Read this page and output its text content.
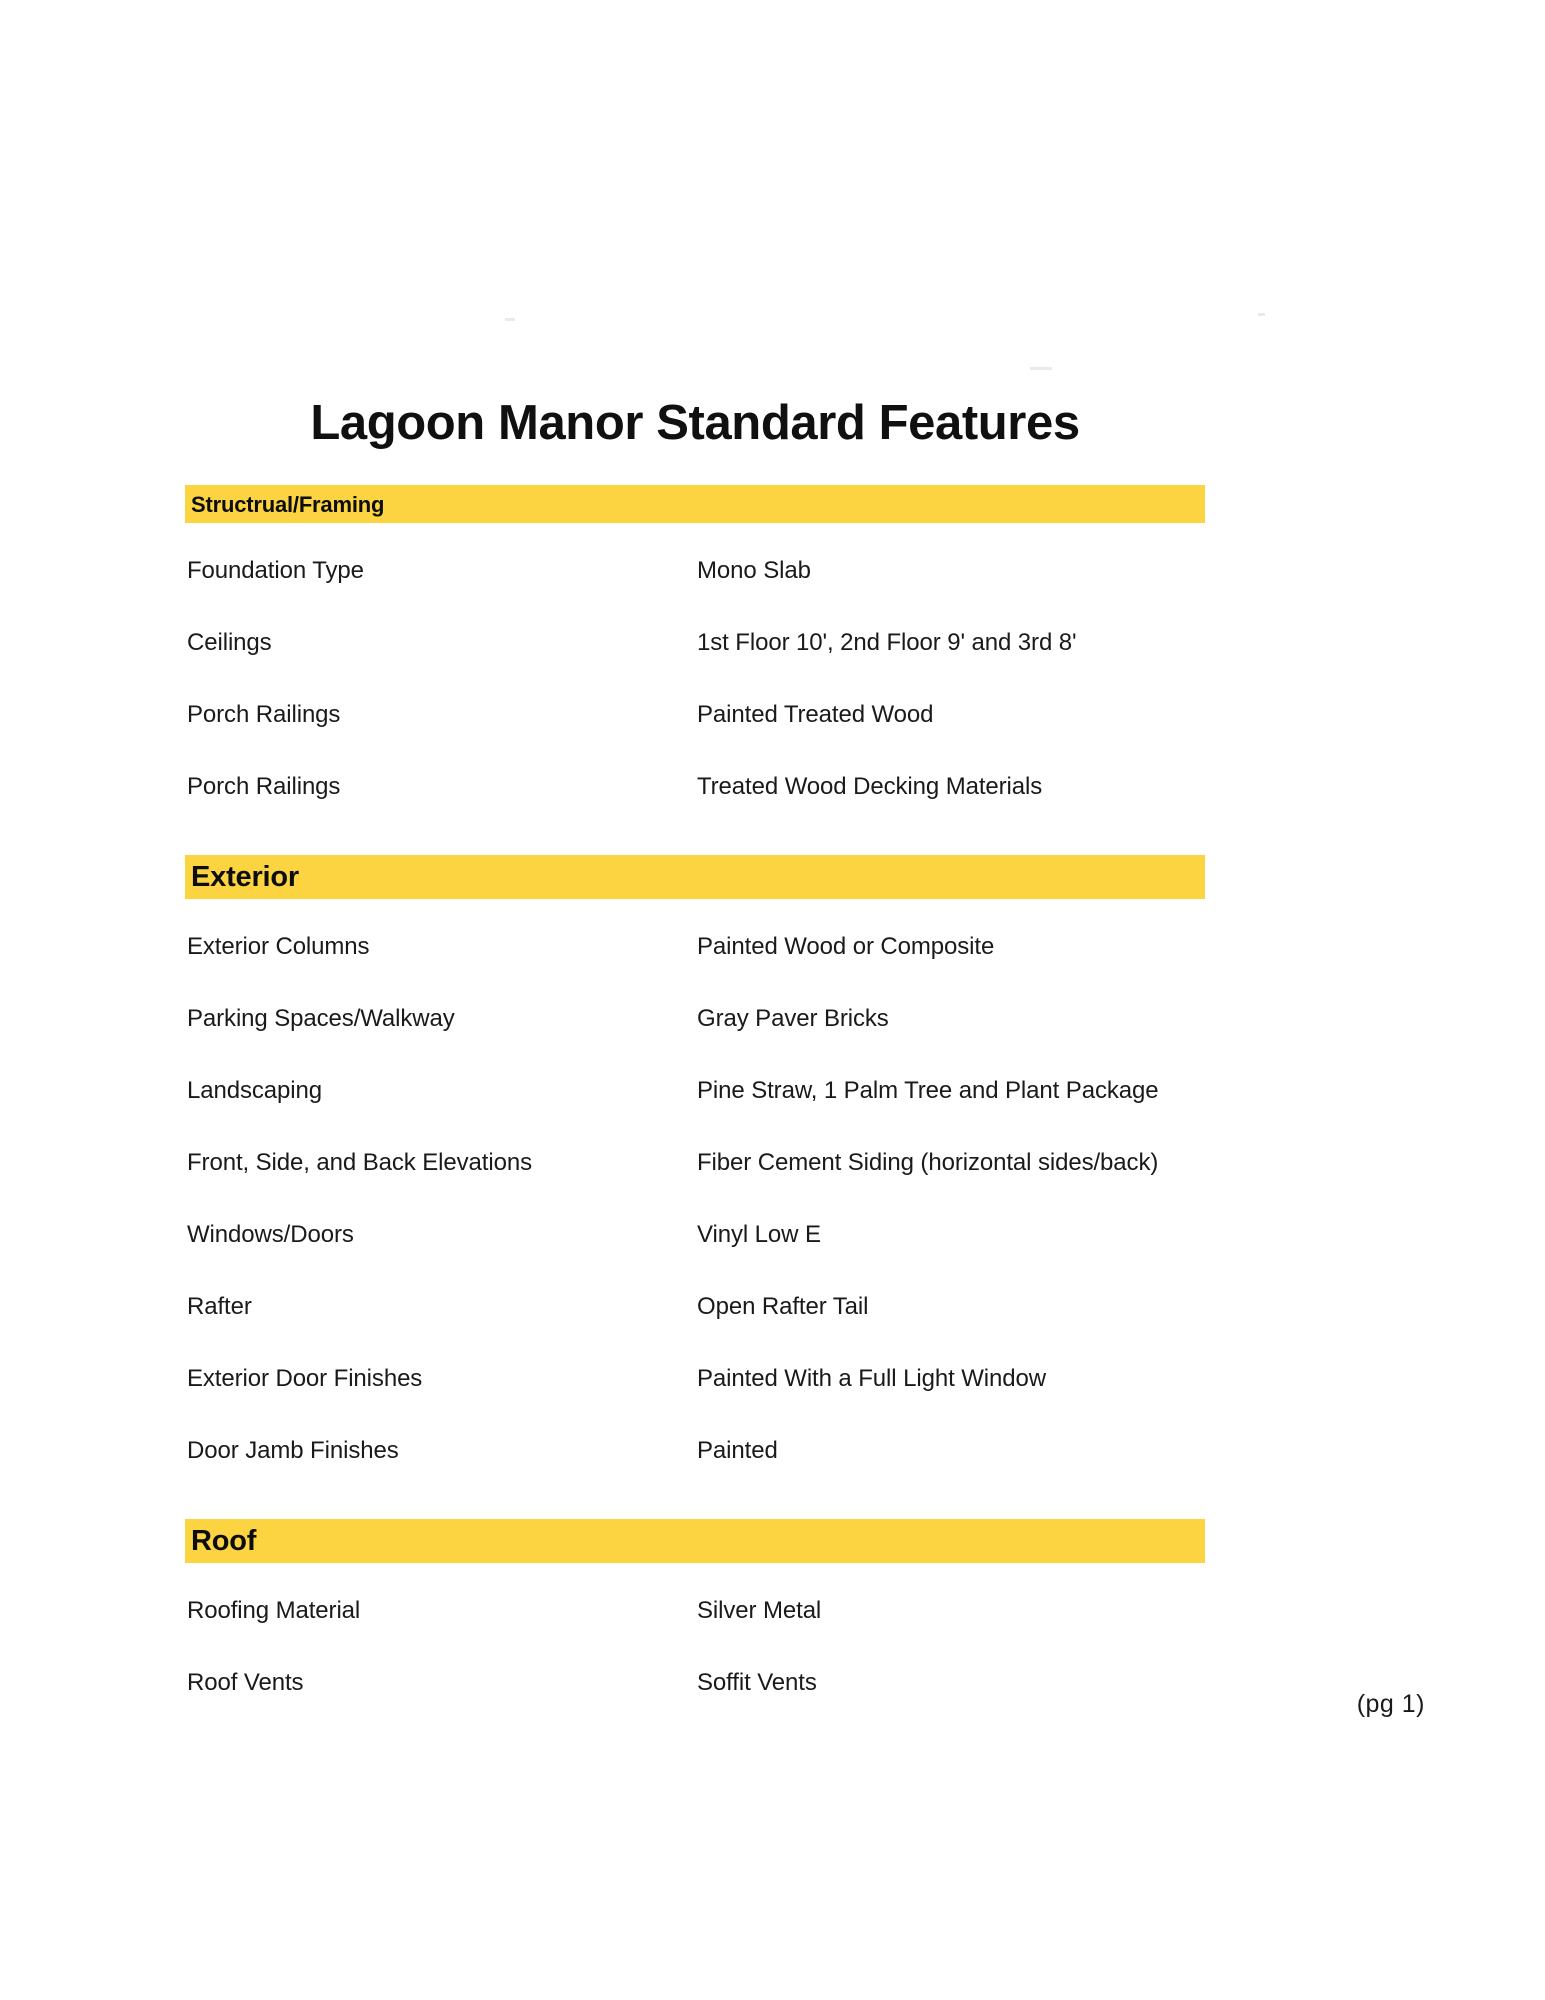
Lagoon Manor Standard Features
Structrual/Framing
Foundation Type	Mono Slab
Ceilings	1st Floor 10', 2nd Floor 9' and 3rd 8'
Porch Railings	Painted Treated Wood
Porch Railings	Treated Wood Decking Materials
Exterior
Exterior Columns	Painted Wood or Composite
Parking Spaces/Walkway	Gray Paver Bricks
Landscaping	Pine Straw, 1 Palm Tree and Plant Package
Front, Side, and Back Elevations	Fiber Cement Siding (horizontal sides/back)
Windows/Doors	Vinyl Low E
Rafter	Open Rafter Tail
Exterior Door Finishes	Painted With a Full Light Window
Door Jamb Finishes	Painted
Roof
Roofing Material	Silver Metal
Roof Vents	Soffit Vents
(pg 1)
